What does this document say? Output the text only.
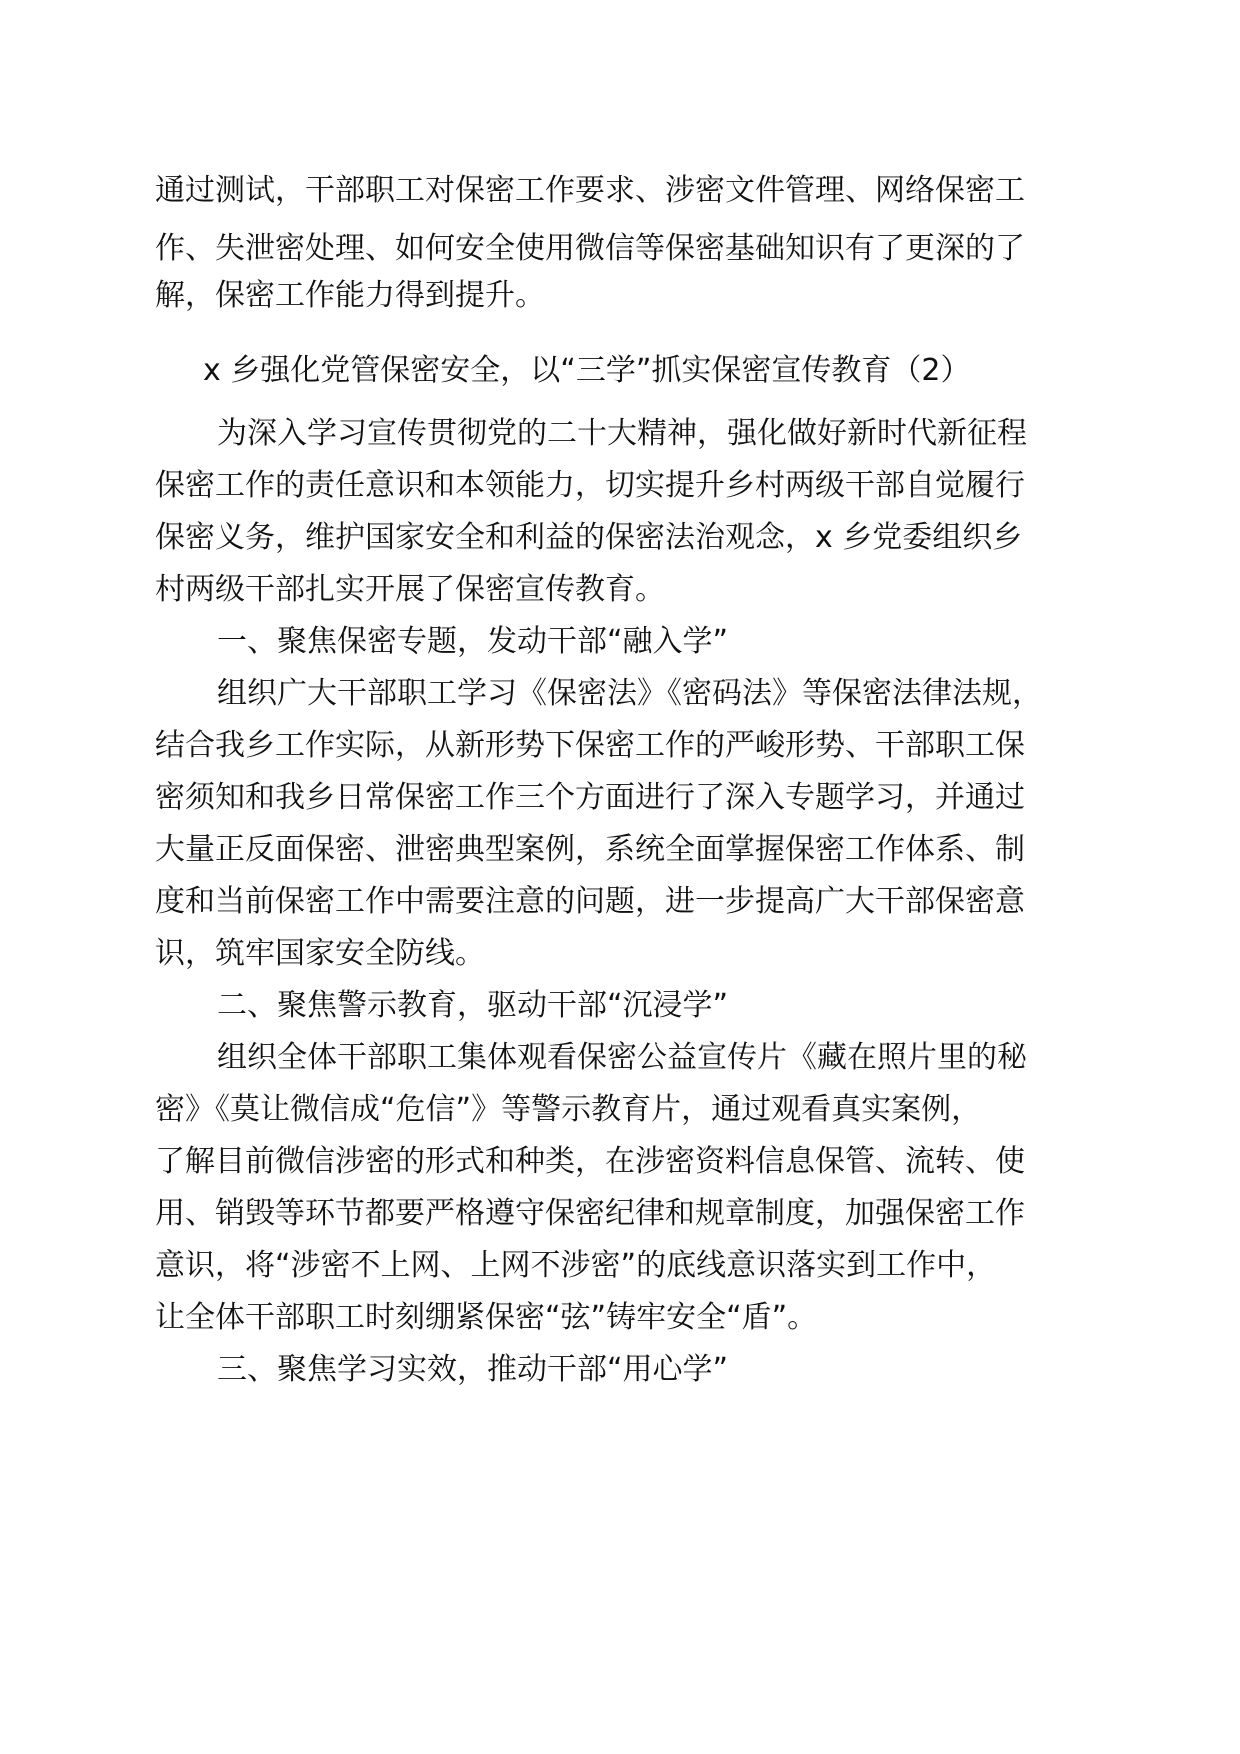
通过测试，干部职工对保密工作要求、涉密文件管理、网络保密工
作、失泄密处理、如何安全使用微信等保密基础知识有了更深的了
解，保密工作能力得到提升。
x 乡强化党管保密安全，以“三学”抓实保密宣传教育（2）
为深入学习宣传贯彻党的二十大精神，强化做好新时代新征程
保密工作的责任意识和本领能力，切实提升乡村两级干部自觉履行
保密义务，维护国家安全和利益的保密法治观念，x 乡党委组织乡
村两级干部扎实开展了保密宣传教育。
一、聚焦保密专题，发动干部“融入学”
组织广大干部职工学习《保密法》《密码法》等保密法律法规，
结合我乡工作实际，从新形势下保密工作的严峻形势、干部职工保
密须知和我乡日常保密工作三个方面进行了深入专题学习，并通过
大量正反面保密、泄密典型案例，系统全面掌握保密工作体系、制
度和当前保密工作中需要注意的问题，进一步提高广大干部保密意
识，筑牢国家安全防线。
二、聚焦警示教育，驱动干部“沉浸学”
组织全体干部职工集体观看保密公益宣传片《藏在照片里的秘
密》《莫让微信成“危信”》等警示教育片，通过观看真实案例，
了解目前微信涉密的形式和种类，在涉密资料信息保管、流转、使
用、销毁等环节都要严格遵守保密纪律和规章制度，加强保密工作
意识，将“涉密不上网、上网不涉密”的底线意识落实到工作中，
让全体干部职工时刻绷紧保密“弦”铸牢安全“盾”。
三、聚焦学习实效，推动干部“用心学”
